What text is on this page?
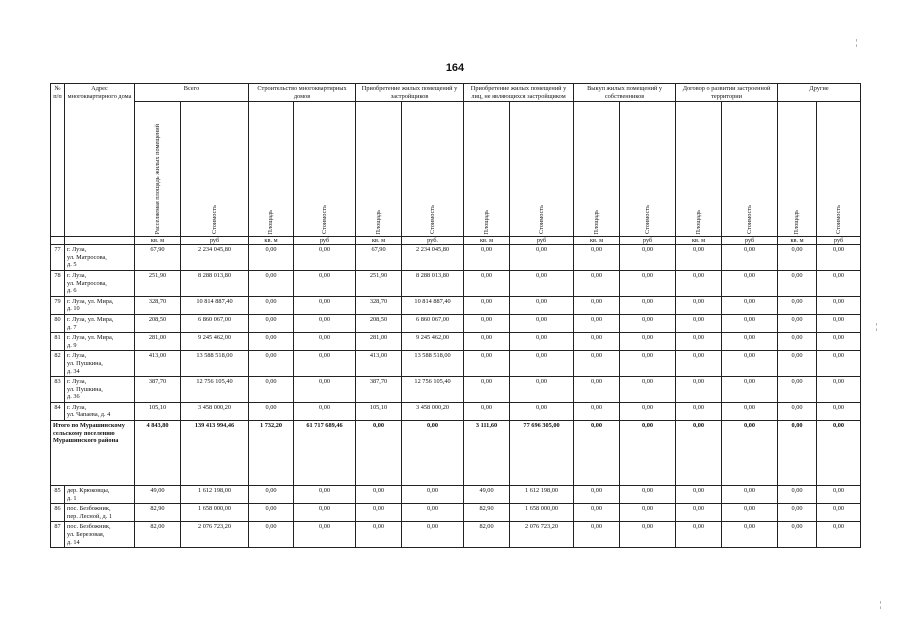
¦
¦
¦
164
№ п/п	Адрес многоквартирного дома	Всего		Строительство многоквартирных домов		Приобретение жилых помещений у застройщиков		Приобретение жилых помещений у лиц, не являющихся застройщиком		Выкуп жилых помещений у собственников		Договор о развитии застроенной территории		Другие	

		Расселяемая площадь жилых помещений	Стоимость	Площадь	Стоимость	Площадь	Стоимость	Площадь	Стоимость	Площадь	Стоимость	Площадь	Стоимость	Площадь	Стоимость

		кв. м	руб	кв. м	руб	кв. м	руб.	кв. м	руб	кв. м	руб	кв. м	руб	кв. м	руб
77	г. Луза,
ул. Матросова,
д. 5	67,90	2 234 045,80	0,00	0,00	67,90	2 234 045,80	0,00	0,00	0,00	0,00	0,00	0,00	0,00	0,00
78	г. Луза,
ул. Матросова,
д. 6	251,90	8 288 013,80	0,00	0,00	251,90	8 288 013,80	0,00	0,00	0,00	0,00	0,00	0,00	0,00	0,00
79	г. Луза, ул. Мира,
д. 10	328,70	10 814 887,40	0,00	0,00	328,70	10 814 887,40	0,00	0,00	0,00	0,00	0,00	0,00	0,00	0,00
80	г. Луза, ул. Мира,
д. 7	208,50	6 860 067,00	0,00	0,00	208,50	6 860 067,00	0,00	0,00	0,00	0,00	0,00	0,00	0,00	0,00
81	г. Луза, ул. Мира,
д. 9	281,00	9 245 462,00	0,00	0,00	281,00	9 245 462,00	0,00	0,00	0,00	0,00	0,00	0,00	0,00	0,00
82	г. Луза,
ул. Пушкина,
д. 34	413,00	13 588 518,00	0,00	0,00	413,00	13 588 518,00	0,00	0,00	0,00	0,00	0,00	0,00	0,00	0,00
83	г. Луза,
ул. Пушкина,
д. 36	387,70	12 756 105,40	0,00	0,00	387,70	12 756 105,40	0,00	0,00	0,00	0,00	0,00	0,00	0,00	0,00
84	г. Луза,
ул. Чапаева, д. 4	105,10	3 458 000,20	0,00	0,00	105,10	3 458 000,20	0,00	0,00	0,00	0,00	0,00	0,00	0,00	0,00
Итого по Мурашинскому сельскому поселению Мурашинского района		4 843,80	139 413 994,46	1 732,20	61 717 689,46	0,00	0,00	3 111,60	77 696 305,00	0,00	0,00	0,00	0,00	0,00	0,00
85	дер. Крюковцы,
д. 1	49,00	1 612 198,00	0,00	0,00	0,00	0,00	49,00	1 612 198,00	0,00	0,00	0,00	0,00	0,00	0,00
86	пос. Безбожник,
пер. Лесной, д. 1	82,90	1 658 000,00	0,00	0,00	0,00	0,00	82,90	1 658 000,00	0,00	0,00	0,00	0,00	0,00	0,00
87	пос. Безбожник,
ул. Березовая,
д. 14	82,00	2 076 723,20	0,00	0,00	0,00	0,00	82,00	2 076 723,20	0,00	0,00	0,00	0,00	0,00	0,00
